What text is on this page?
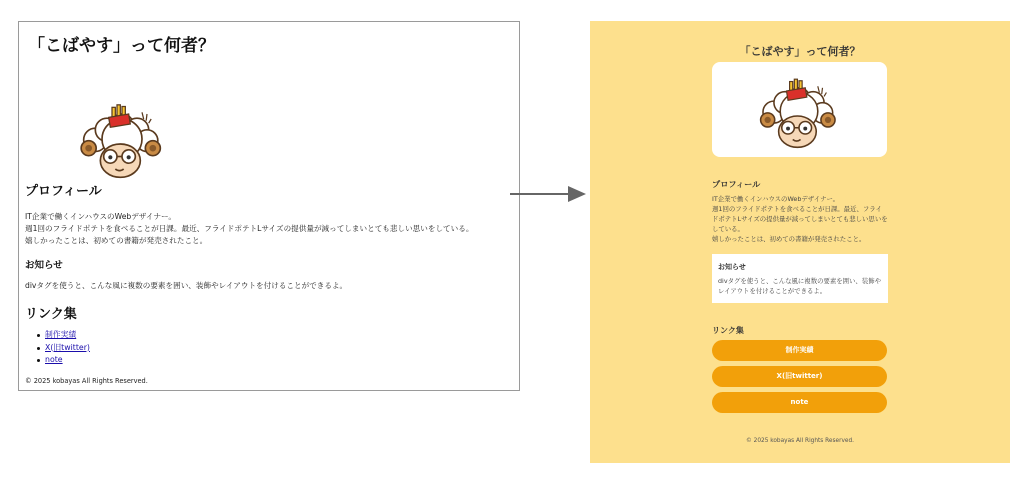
「こばやす」って何者？
プロフィール
IT企業で働くインハウスのWebデザイナー。
週1回のフライドポテトを食べることが日課。最近、フライドポテトLサイズの提供量が減ってしまいとても悲しい思いをしている。
嬉しかったことは、初めての書籍が発売されたこと。
お知らせ
divタグを使うと、こんな風に複数の要素を囲い、装飾やレイアウトを付けることができるよ。
リンク集
制作実績
X(旧twitter)
note
© 2025 kobayas All Rights Reserved.
「こばやす」って何者？
プロフィール
IT企業で働くインハウスのWebデザイナー。
週1回のフライドポテトを食べることが日課。最近、フライドポテトLサイズの提供量が減ってしまいとても悲しい思いをしている。
嬉しかったことは、初めての書籍が発売されたこと。
お知らせ
divタグを使うと、こんな風に複数の要素を囲い、装飾やレイアウトを付けることができるよ。
リンク集
制作実績
X(旧twitter)
note
© 2025 kobayas All Rights Reserved.
